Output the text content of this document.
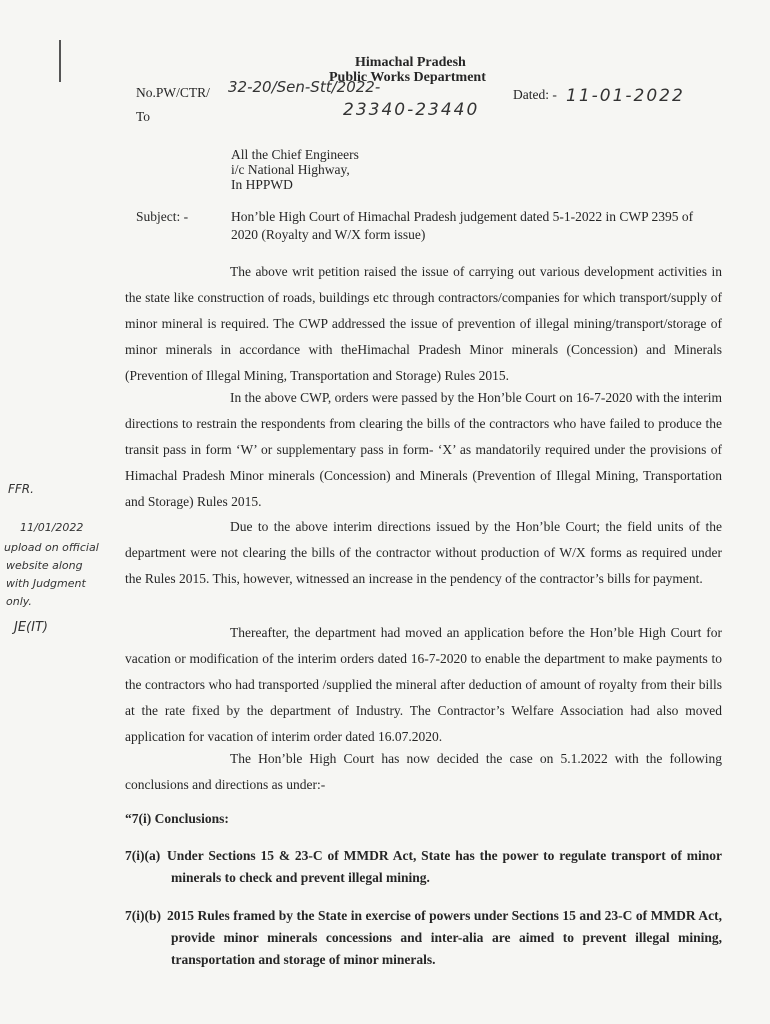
Himachal Pradesh
Public Works Department
No.PW/CTR/ 32-20/Sen-Stt/2022-
23340-23440
To
Dated: - 11-01-2022
All the Chief Engineers
i/c National Highway,
In HPPWD
Subject: -	Hon’ble High Court of Himachal Pradesh judgement dated 5-1-2022 in CWP 2395 of
2020 (Royalty and W/X form issue)
The above writ petition raised the issue of carrying out various development activities in the state like construction of roads, buildings etc through contractors/companies for which transport/supply of minor mineral is required. The CWP addressed the issue of prevention of illegal mining/transport/storage of minor minerals in accordance with theHimachal Pradesh Minor minerals (Concession) and Minerals (Prevention of Illegal Mining, Transportation and Storage) Rules 2015.
In the above CWP, orders were passed by the Hon’ble Court on 16-7-2020 with the interim directions to restrain the respondents from clearing the bills of the contractors who have failed to produce the transit pass in form ‘W’ or supplementary pass in form- ‘X’ as mandatorily required under the provisions of Himachal Pradesh Minor minerals (Concession) and Minerals (Prevention of Illegal Mining, Transportation and Storage) Rules 2015.
Due to the above interim directions issued by the Hon’ble Court; the field units of the department were not clearing the bills of the contractor without production of W/X forms as required under the Rules 2015. This, however, witnessed an increase in the pendency of the contractor’s bills for payment.
Thereafter, the department had moved an application before the Hon’ble High Court for vacation or modification of the interim orders dated 16-7-2020 to enable the department to make payments to the contractors who had transported /supplied the mineral after deduction of amount of royalty from their bills at the rate fixed by the department of Industry. The Contractor’s Welfare Association had also moved application for vacation of interim order dated 16.07.2020.
The Hon’ble High Court has now decided the case on 5.1.2022 with the following conclusions and directions as under:-
“7(i) Conclusions:
7(i)(a) Under Sections 15 & 23-C of MMDR Act, State has the power to regulate transport of minor minerals to check and prevent illegal mining.
7(i)(b) 2015 Rules framed by the State in exercise of powers under Sections 15 and 23-C of MMDR Act, provide minor minerals concessions and inter-alia are aimed to prevent illegal mining, transportation and storage of minor minerals.
FFR.
11/01/2022
upload on official
website along
with Judgment
only.
JE(IT)
